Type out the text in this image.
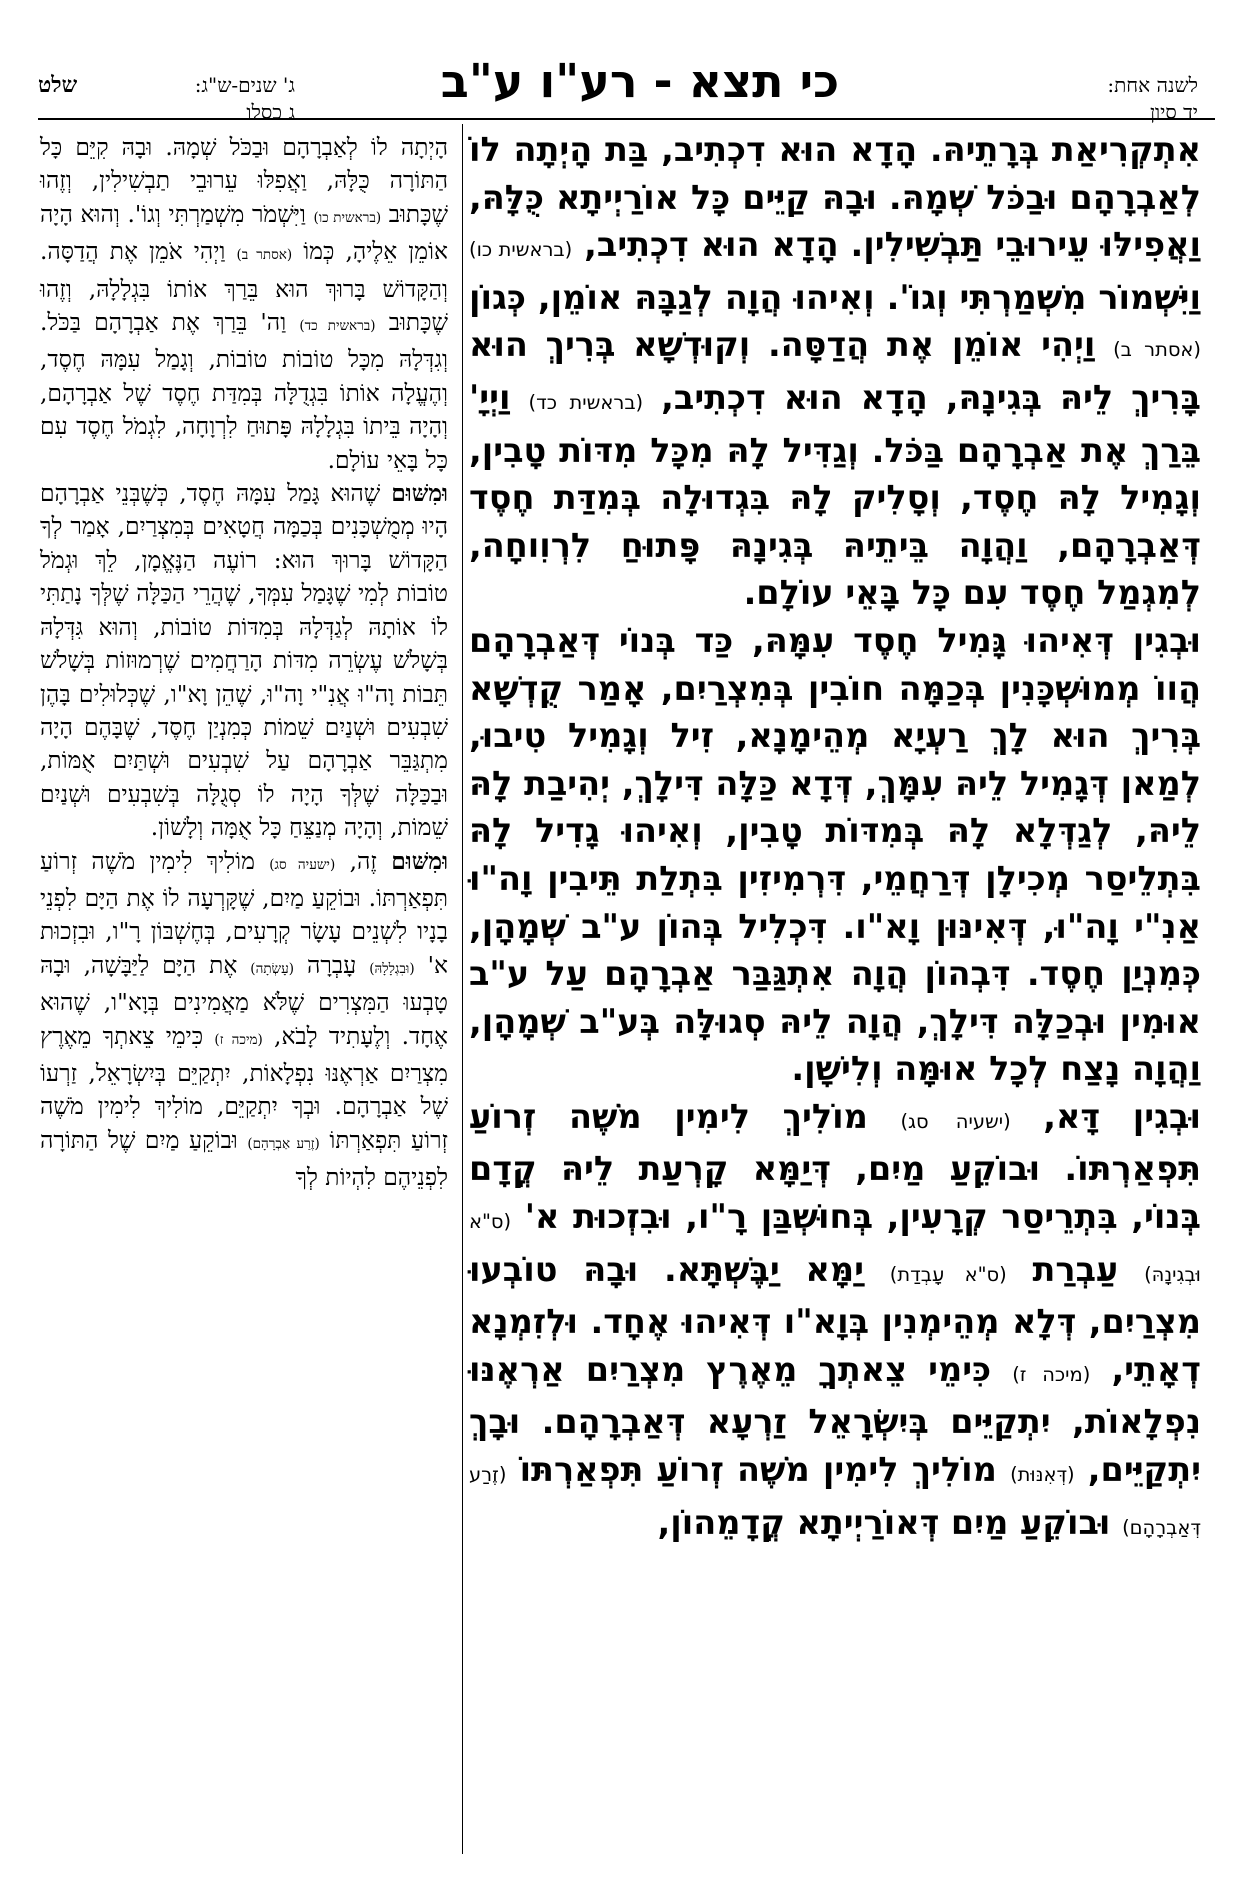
לשנה אחת:
יד סיון
כי תצא - רע"ו ע"ב
ג' שנים-ש"ג:
ג כסלו
שלט

אִתְקְרִיאַת בְּרָתֵיהּ. הָדָא הוּא דִכְתִיב, בַּת הָיְתָה לוֹ לְאַבְרָהָם וּבַכֹּל שְׁמָהּ. וּבָהּ קַיֵּים כָּל אוֹרַיְיתָא כֻּלָּהּ, וַאֲפִילּוּ עֵירוּבֵי תַּבְשִׁילִין. הָדָא הוּא דִכְתִיב, (בראשית כו) וַיִּשְׁמוֹר מִשְׁמַרְתִּי וְגוֹ'. וְאִיהוּ הֲוָה לְגַבָּהּ אוֹמֵן, כְּגוֹן (אסתר ב) וַיְהִי אוֹמֵן אֶת הֲדַסָּה. וְקוּדְשָׁא בְּרִיךְ הוּא בָּרִיךְ לֵיהּ בְּגִינָהּ, הָדָא הוּא דִכְתִיב, (בראשית כד) וַיְיָ' בֵּרַךְ אֶת אַבְרָהָם בַּכֹּל. וְגַדִּיל לָהּ מִכָּל מִדּוֹת טָבִין, וְגָמִיל לָהּ חֶסֶד, וְסָלִיק לָהּ בִּגְדוּלָה בְּמִדַּת חֶסֶד דְּאַבְרָהָם, וַהֲוָה בֵּיתֵיהּ בְּגִינָהּ פָּתוּחַ לִרְוִוחָה, לְמִגְמַל חֶסֶד עִם כָּל בָּאֵי עוֹלָם.

וּבְגִין דְּאִיהוּ גָּמִיל חֶסֶד עִמָּהּ, כַּד בְּנוֹי דְּאַבְרָהָם הֲווֹ מְמוּשְׁכָּנִין בְּכַמָּה חוֹבִין בְּמִצְרַיִם, אָמַר קֻדְשָׁא בְּרִיךְ הוּא לָךְ רַעְיָא מְהֵימָנָא, זִיל וְגָמִיל טִיבוּ, לְמַאן דְּגָמִיל לֵיהּ עִמָּךְ, דְּדָא כַּלָּה דִּילָךְ, יְהִיבַת לָהּ לֵיהּ, לְגַדְּלָא לָהּ בְּמִדּוֹת טָבִין, וְאִיהוּ גָדִיל לָהּ בִּתְלֵיסַר מְכִילָן דְּרַחֲמֵי, דִּרְמִיזִין בִּתְלַת תֵּיבִין וָה"וּ אַנִ"י וָה"וּ, דְּאִינּוּן וָא"ו. דִּכְלִיל בְּהוֹן ע"ב שְׁמָהָן, כְּמִנְיַן חֶסֶד. דִּבְהוֹן הֲוָה אִתְגַּבַּר אַבְרָהָם עַל ע"ב אוּמִין וּבְכַלָּה דִּילָךְ, הֲוָה לֵיהּ סְגוּלָּה בְּע"ב שְׁמָהָן, וַהֲוָה נָצַח לְכָל אוּמָּה וְלִישָׁן.

וּבְגִין דָּא, (ישעיה סג) מוֹלִיךְ לִימִין מֹשֶׁה זְרוֹעַ תִּפְאַרְתּוֹ. וּבוֹקֵעַ מַיִם, דְּיַמָּא קָרְעַת לֵיהּ קֳדָם בְּנוֹי, בִּתְרֵיסַר קְרָעִין, בְּחוּשְׁבַּן רָ"ו, וּבִזְכוּת א' (ס"א וּבְגִינָהּ) עַבְרַת (ס"א עָבְדַת) יַמָּא יַבֶּשְׁתָּא. וּבָהּ טוֹבְעוּ מִצְרַיִם, דְּלָא מְהֵימְנִין בְּוָא"ו דְּאִיהוּ אֶחָד. וּלְזִמְנָא דְאָתֵי, (מיכה ז) כִּימֵי צֵאתְךָ מֵאֶרֶץ מִצְרַיִם אַרְאֶנּוּ נִפְלָאוֹת, יִתְקַיֵּים בְּיִשְׂרָאֵל זַרְעָא דְּאַבְרָהָם. וּבָךְ יִתְקַיֵּים, (דְּאִנּוּת) מוֹלִיךְ לִימִין מֹשֶׁה זְרוֹעַ תִּפְאַרְתּוֹ (זֶרַע דְּאַבְרָהָם) וּבוֹקֵעַ מַיִם דְּאוֹרַיְיתָא קֳדָמֵהוֹן,

הָיְתָה לוֹ לְאַבְרָהָם וּבַכֹּל שְׁמָהּ. וּבָהּ קִיֵּם כָּל הַתּוֹרָה כֻּלָּהּ, וַאֲפִלּוּ עֵרוּבֵי תַבְשִׁילִין, וְזֶהוּ שֶׁכָּתוּב (בראשית כו) וַיִּשְׁמֹר מִשְׁמַרְתִּי וְגוֹ'. וְהוּא הָיָה אוֹמֵן אֵלֶיהָ, כְּמוֹ (אסתר ב) וַיְהִי אֹמֵן אֶת הֲדַסָּה. וְהַקָּדוֹשׁ בָּרוּךְ הוּא בֵּרַךְ אוֹתוֹ בִּגְלָלָהּ, וְזֶהוּ שֶׁכָּתוּב (בראשית כד) וַה' בֵּרַךְ אֶת אַבְרָהָם בַּכֹּל. וְגִדְּלָהּ מִכָּל טוֹבוֹת טוֹבוֹת, וְגָמַל עִמָּהּ חֶסֶד, וְהֶעֱלָה אוֹתוֹ בִּגְדֻלָּה בְּמִדַּת חֶסֶד שֶׁל אַבְרָהָם, וְהָיָה בֵּיתוֹ בִּגְלָלָהּ פָּתוּחַ לִרְוָחָה, לִגְמֹל חֶסֶד עִם כָּל בָּאֵי עוֹלָם.

וּמִשּׁוּם שֶׁהוּא גָּמַל עִמָּהּ חֶסֶד, כְּשֶׁבְּנֵי אַבְרָהָם הָיוּ מְמֻשְׁכָּנִים בְּכַמָּה חֲטָאִים בְּמִצְרַיִם, אָמַר לְךָ הַקָּדוֹשׁ בָּרוּךְ הוּא: רוֹעֶה הַנֶּאֱמָן, לֵךְ וּגְמֹל טוֹבוֹת לְמִי שֶׁגָּמַל עִמְּךָ, שֶׁהֲרֵי הַכַּלָּה שֶׁלְּךָ נָתַתִּי לוֹ אוֹתָהּ לְגַדְּלָהּ בְּמִדּוֹת טוֹבוֹת, וְהוּא גִּדְּלָהּ בְּשָׁלֹשׁ עֶשְׂרֵה מִדּוֹת הָרַחֲמִים שֶׁרְמוּזוֹת בְּשָׁלֹשׁ תֵּבוֹת וָה"וּ אֲנִ"י וָה"וּ, שֶׁהֵן וָא"ו, שֶׁכְּלוּלִים בָּהֶן שִׁבְעִים וּשְׁנַיִם שֵׁמוֹת כְּמִנְיַן חֶסֶד, שֶׁבָּהֶם הָיָה מִתְגַּבֵּר אַבְרָהָם עַל שִׁבְעִים וּשְׁתַּיִם אֻמּוֹת, וּבַכַּלָּה שֶׁלְּךָ הָיָה לוֹ סְגֻלָּה בְּשִׁבְעִים וּשְׁנַיִם שֵׁמוֹת, וְהָיָה מְנַצֵּחַ כָּל אֻמָּה וְלָשׁוֹן.

וּמִשּׁוּם זֶה, (ישעיה סג) מוֹלִיךְ לִימִין מֹשֶׁה זְרוֹעַ תִּפְאַרְתּוֹ. וּבוֹקֵעַ מַיִם, שֶׁקָּרְעָה לוֹ אֶת הַיָּם לִפְנֵי בָנָיו לִשְׁנֵים עָשָׂר קְרָעִים, בְּחֶשְׁבּוֹן רָ"ו, וּבִזְכוּת א' (וּבִגְלָלָהּ) עָבְרָה (עָשְׂתָה) אֶת הַיָּם לַיַּבָּשָׁה, וּבָהּ טָבְעוּ הַמִּצְרִים שֶׁלֹּא מַאֲמִינִים בְּוָא"ו, שֶׁהוּא אֶחָד. וְלֶעָתִיד לָבֹא, (מיכה ז) כִּימֵי צֵאתְךָ מֵאֶרֶץ מִצְרַיִם אַרְאֶנּוּ נִפְלָאוֹת, יִתְקַיֵּם בְּיִשְׂרָאֵל, זַרְעוֹ שֶׁל אַבְרָהָם. וּבְךָ יִתְקַיֵּם, מוֹלִיךְ לִימִין מֹשֶׁה זְרוֹעַ תִּפְאַרְתּוֹ (זֶרַע אַבְרָהָם) וּבוֹקֵעַ מַיִם שֶׁל הַתּוֹרָה לִפְנֵיהֶם לִהְיוֹת לְךָ
